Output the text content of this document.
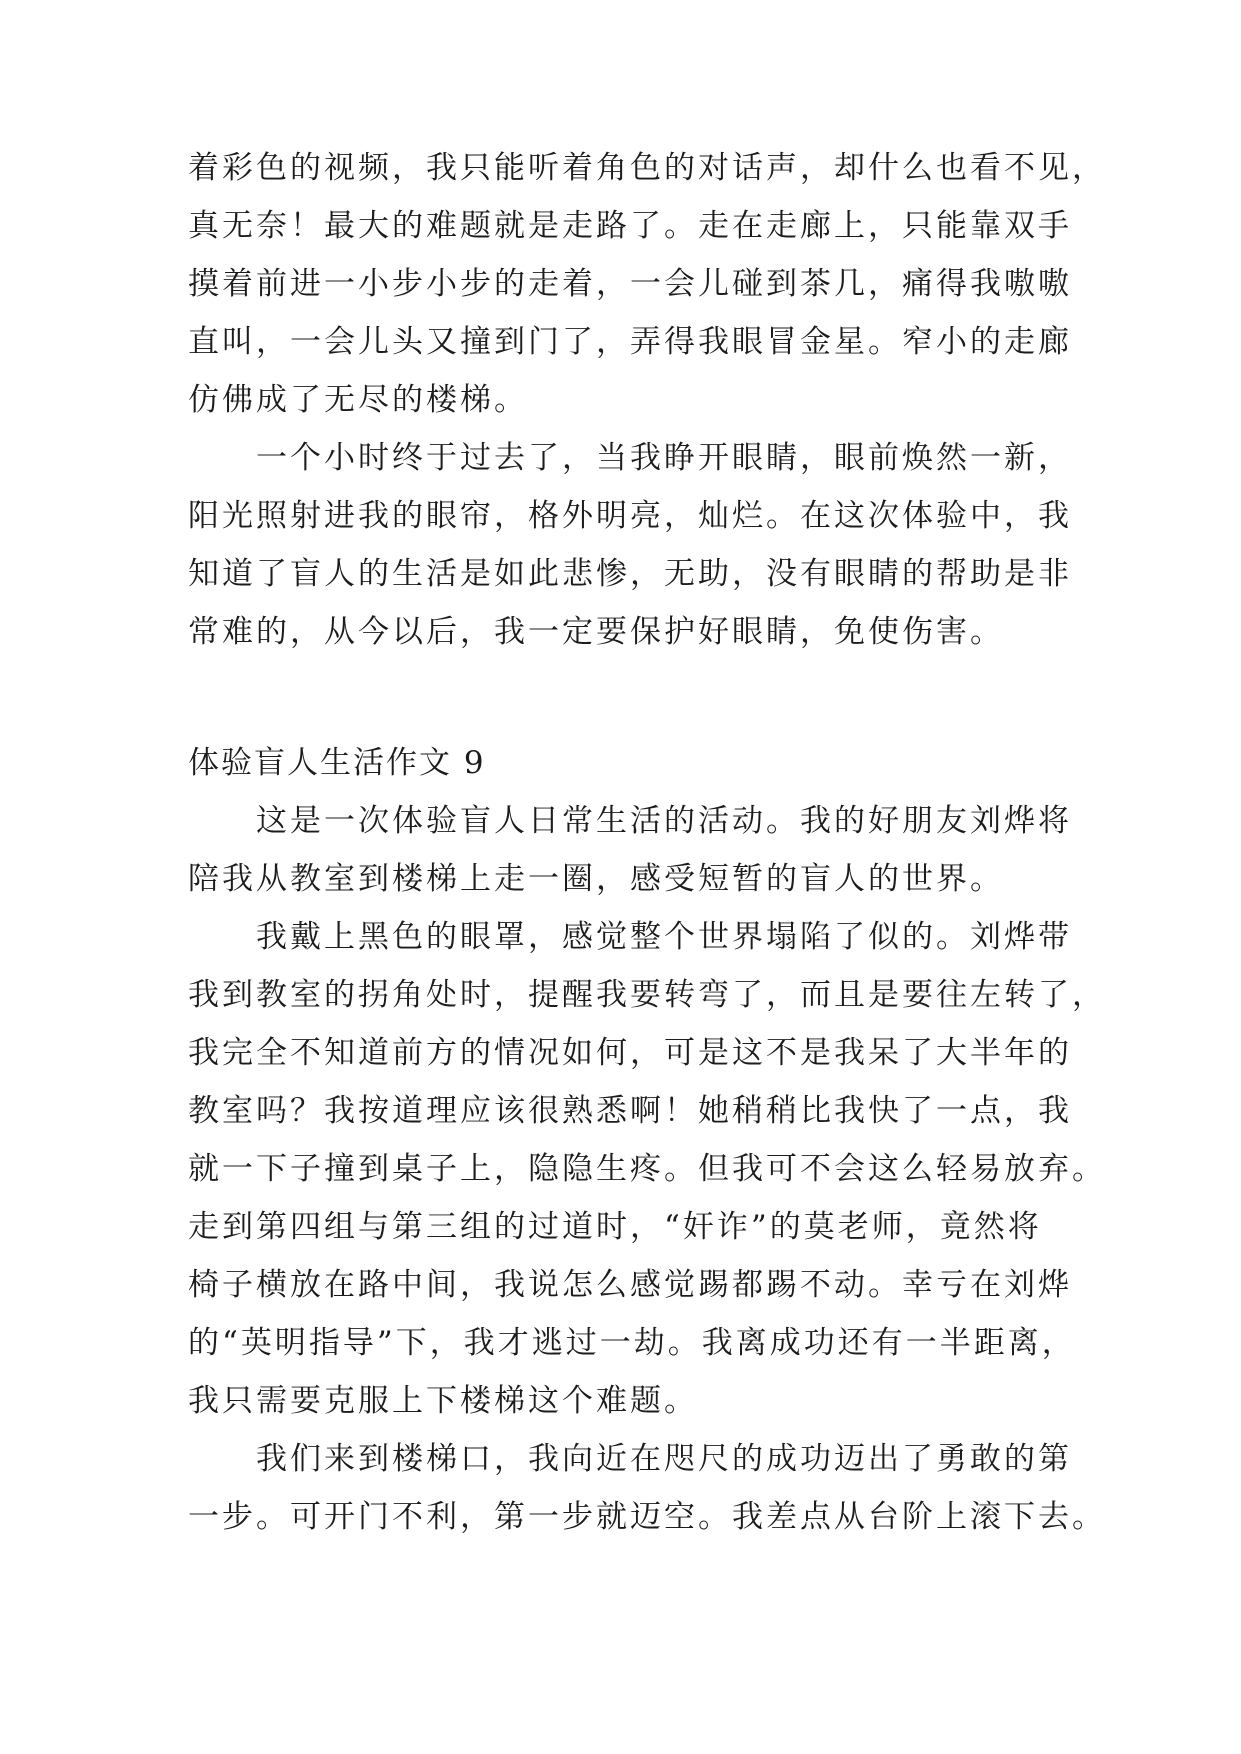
着彩色的视频，我只能听着角色的对话声，却什么也看不见，
真无奈！最大的难题就是走路了。走在走廊上，只能靠双手
摸着前进一小步小步的走着，一会儿碰到茶几，痛得我嗷嗷
直叫，一会儿头又撞到门了，弄得我眼冒金星。窄小的走廊
仿佛成了无尽的楼梯。
一个小时终于过去了，当我睁开眼睛，眼前焕然一新，
阳光照射进我的眼帘，格外明亮，灿烂。在这次体验中，我
知道了盲人的生活是如此悲惨，无助，没有眼睛的帮助是非
常难的，从今以后，我一定要保护好眼睛，免使伤害。
体验盲人生活作文 9
这是一次体验盲人日常生活的活动。我的好朋友刘烨将
陪我从教室到楼梯上走一圈，感受短暂的盲人的世界。
我戴上黑色的眼罩，感觉整个世界塌陷了似的。刘烨带
我到教室的拐角处时，提醒我要转弯了，而且是要往左转了，
我完全不知道前方的情况如何，可是这不是我呆了大半年的
教室吗？我按道理应该很熟悉啊！她稍稍比我快了一点，我
就一下子撞到桌子上，隐隐生疼。但我可不会这么轻易放弃。
走到第四组与第三组的过道时，“奸诈”的莫老师，竟然将
椅子横放在路中间，我说怎么感觉踢都踢不动。幸亏在刘烨
的“英明指导”下，我才逃过一劫。我离成功还有一半距离，
我只需要克服上下楼梯这个难题。
我们来到楼梯口，我向近在咫尺的成功迈出了勇敢的第
一步。可开门不利，第一步就迈空。我差点从台阶上滚下去。
